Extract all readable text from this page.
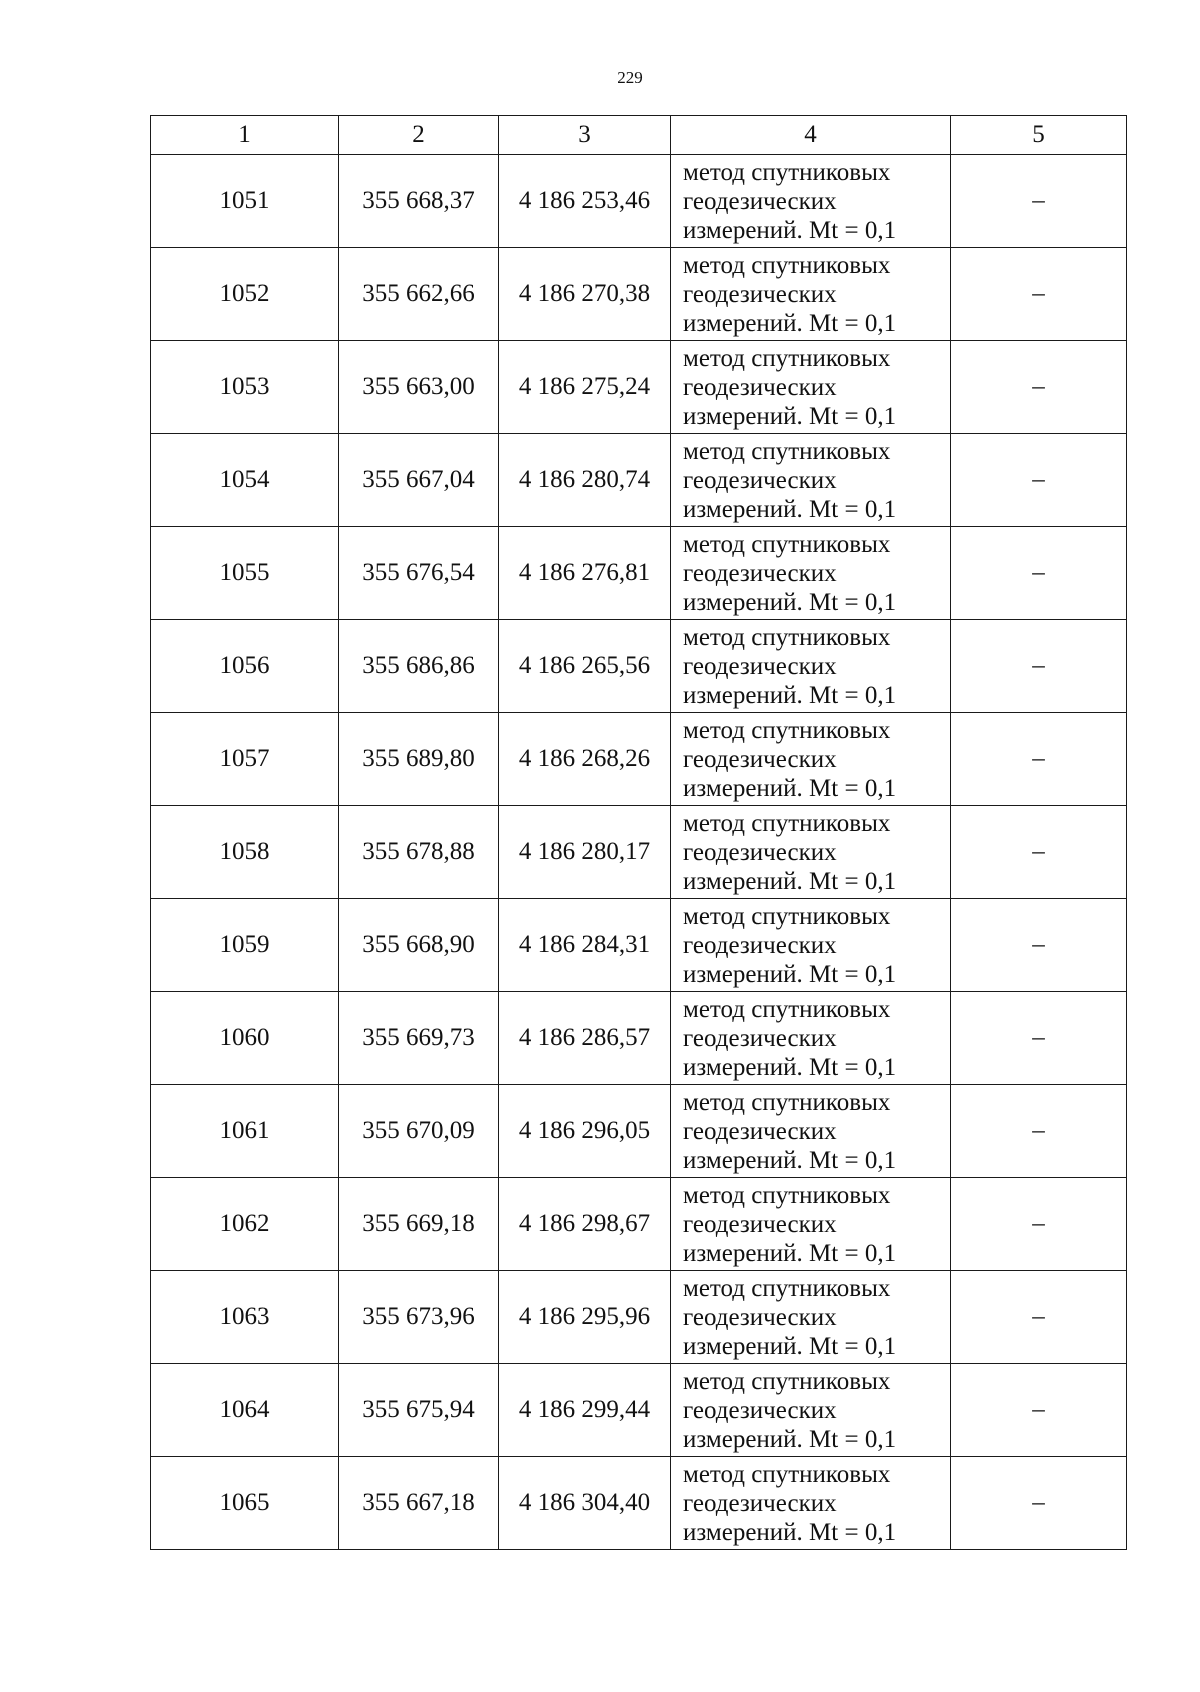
229
1	2	3	4	5
1051	355 668,37	4 186 253,46	метод спутниковых
геодезических
измерений. Mt = 0,1	–
1052	355 662,66	4 186 270,38	метод спутниковых
геодезических
измерений. Mt = 0,1	–
1053	355 663,00	4 186 275,24	метод спутниковых
геодезических
измерений. Mt = 0,1	–
1054	355 667,04	4 186 280,74	метод спутниковых
геодезических
измерений. Mt = 0,1	–
1055	355 676,54	4 186 276,81	метод спутниковых
геодезических
измерений. Mt = 0,1	–
1056	355 686,86	4 186 265,56	метод спутниковых
геодезических
измерений. Mt = 0,1	–
1057	355 689,80	4 186 268,26	метод спутниковых
геодезических
измерений. Mt = 0,1	–
1058	355 678,88	4 186 280,17	метод спутниковых
геодезических
измерений. Mt = 0,1	–
1059	355 668,90	4 186 284,31	метод спутниковых
геодезических
измерений. Mt = 0,1	–
1060	355 669,73	4 186 286,57	метод спутниковых
геодезических
измерений. Mt = 0,1	–
1061	355 670,09	4 186 296,05	метод спутниковых
геодезических
измерений. Mt = 0,1	–
1062	355 669,18	4 186 298,67	метод спутниковых
геодезических
измерений. Mt = 0,1	–
1063	355 673,96	4 186 295,96	метод спутниковых
геодезических
измерений. Mt = 0,1	–
1064	355 675,94	4 186 299,44	метод спутниковых
геодезических
измерений. Mt = 0,1	–
1065	355 667,18	4 186 304,40	метод спутниковых
геодезических
измерений. Mt = 0,1	–
